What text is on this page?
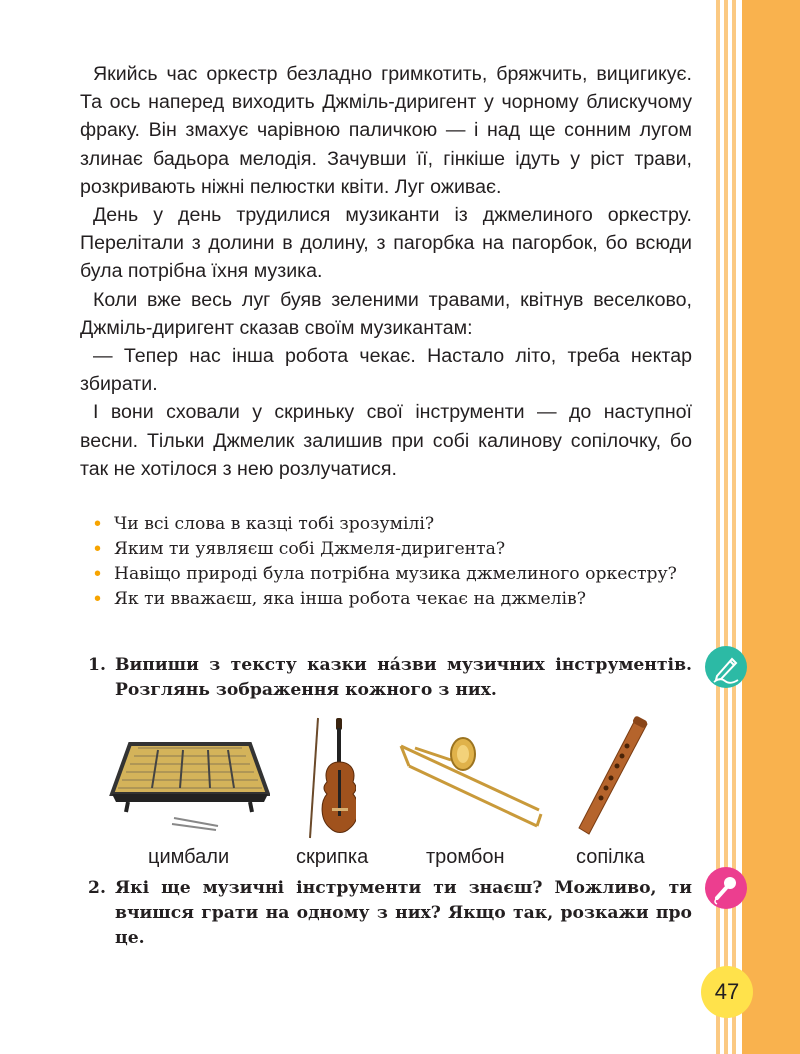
Якийсь час оркестр безладно гримкотить, бряжчить, вицигикує. Та ось наперед виходить Джміль-диригент у чорному блискучому фраку. Він змахує чарівною паличкою — і над ще сонним лугом злинає бадьора мелодія. Зачувши її, гінкіше ідуть у ріст трави, розкривають ніжні пелюстки квіти. Луг оживає.

День у день трудилися музиканти із джмелиного оркестру. Перелітали з долини в долину, з пагорбка на пагорбок, бо всюди була потрібна їхня музика.

Коли вже весь луг буяв зеленими травами, квітнув веселково, Джміль-диригент сказав своїм музикантам:

— Тепер нас інша робота чекає. Настало літо, треба нектар збирати.

І вони сховали у скриньку свої інструменти — до наступної весни. Тільки Джмелик залишив при собі калинову сопілочку, бо так не хотілося з нею розлучатися.

• Чи всі слова в казці тобі зрозумілі?
• Яким ти уявляєш собі Джмеля-диригента?
• Навіщо природі була потрібна музика джмелиного оркестру?
• Як ти вважаєш, яка інша робота чекає на джмелів?
1. Випиши з тексту казки на́зви музичних інструментів. Розглянь зображення кожного з них.
цимбали	скрипка	тромбон	сопілка
2. Які ще музичні інструменти ти знаєш? Можливо, ти вчишся грати на одному з них? Якщо так, розкажи про це.
47
